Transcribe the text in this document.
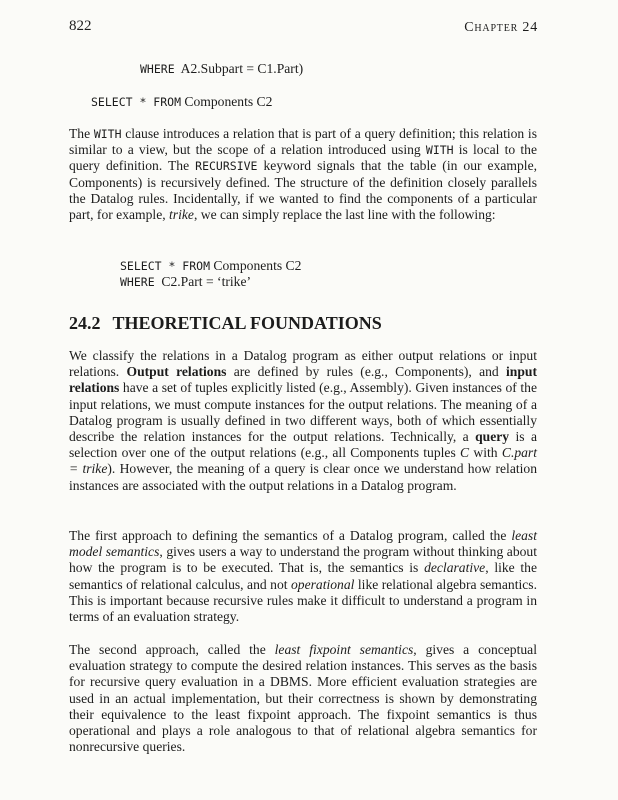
822	Chapter 24
WHERE A2.Subpart = C1.Part)
SELECT * FROM Components C2
The WITH clause introduces a relation that is part of a query definition; this relation is similar to a view, but the scope of a relation introduced using WITH is local to the query definition. The RECURSIVE keyword signals that the table (in our example, Components) is recursively defined. The structure of the definition closely parallels the Datalog rules. Incidentally, if we wanted to find the components of a particular part, for example, trike, we can simply replace the last line with the following:
SELECT * FROM Components C2
WHERE C2.Part = ‘trike’
24.2 THEORETICAL FOUNDATIONS
We classify the relations in a Datalog program as either output relations or input relations. Output relations are defined by rules (e.g., Components), and input relations have a set of tuples explicitly listed (e.g., Assembly). Given instances of the input relations, we must compute instances for the output relations. The meaning of a Datalog program is usually defined in two different ways, both of which essentially describe the relation instances for the output relations. Technically, a query is a selection over one of the output relations (e.g., all Components tuples C with C.part = trike). However, the meaning of a query is clear once we understand how relation instances are associated with the output relations in a Datalog program.
The first approach to defining the semantics of a Datalog program, called the least model semantics, gives users a way to understand the program without thinking about how the program is to be executed. That is, the semantics is declarative, like the semantics of relational calculus, and not operational like relational algebra semantics. This is important because recursive rules make it difficult to understand a program in terms of an evaluation strategy.
The second approach, called the least fixpoint semantics, gives a conceptual evaluation strategy to compute the desired relation instances. This serves as the basis for recursive query evaluation in a DBMS. More efficient evaluation strategies are used in an actual implementation, but their correctness is shown by demonstrating their equivalence to the least fixpoint approach. The fixpoint semantics is thus operational and plays a role analogous to that of relational algebra semantics for nonrecursive queries.
